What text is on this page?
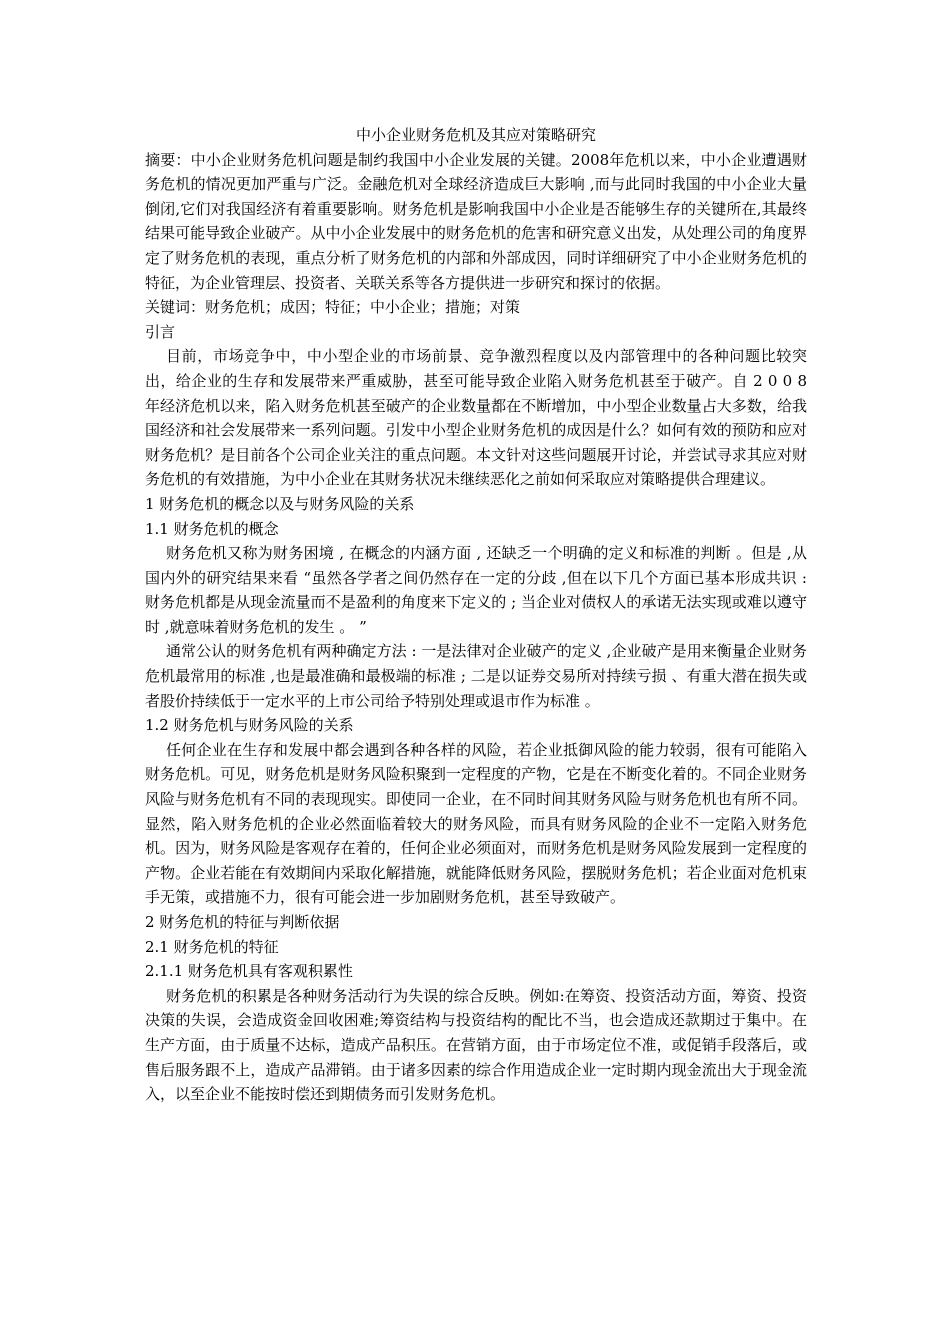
中小企业财务危机及其应对策略研究

摘要：中小企业财务危机问题是制约我国中小企业发展的关键。2008年危机以来，中小企业遭遇财务危机的情况更加严重与广泛。金融危机对全球经济造成巨大影响 ,而与此同时我国的中小企业大量倒闭,它们对我国经济有着重要影响。财务危机是影响我国中小企业是否能够生存的关键所在,其最终结果可能导致企业破产。从中小企业发展中的财务危机的危害和研究意义出发，从处理公司的角度界定了财务危机的表现，重点分析了财务危机的内部和外部成因，同时详细研究了中小企业财务危机的特征，为企业管理层、投资者、关联关系等各方提供进一步研究和探讨的依据。

关键词：财务危机；成因；特征；中小企业；措施；对策

引言

目前，市场竞争中，中小型企业的市场前景、竞争激烈程度以及内部管理中的各种问题比较突出，给企业的生存和发展带来严重威胁，甚至可能导致企业陷入财务危机甚至于破产。自 2 0 0 8 年经济危机以来，陷入财务危机甚至破产的企业数量都在不断增加，中小型企业数量占大多数，给我国经济和社会发展带来一系列问题。引发中小型企业财务危机的成因是什么？如何有效的预防和应对财务危机？是目前各个公司企业关注的重点问题。本文针对这些问题展开讨论，并尝试寻求其应对财务危机的有效措施，为中小企业在其财务状况未继续恶化之前如何采取应对策略提供合理建议。

1 财务危机的概念以及与财务风险的关系

1.1 财务危机的概念

财务危机又称为财务困境 , 在概念的内涵方面 , 还缺乏一个明确的定义和标准的判断 。但是 ,从国内外的研究结果来看 “虽然各学者之间仍然存在一定的分歧 ,但在以下几个方面已基本形成共识 : 财务危机都是从现金流量而不是盈利的角度来下定义的 ; 当企业对债权人的承诺无法实现或难以遵守时 ,就意味着财务危机的发生 。 ”

通常公认的财务危机有两种确定方法 : 一是法律对企业破产的定义 ,企业破产是用来衡量企业财务危机最常用的标准 ,也是最准确和最极端的标准 ; 二是以证券交易所对持续亏损 、有重大潜在损失或者股价持续低于一定水平的上市公司给予特别处理或退市作为标准 。

1.2 财务危机与财务风险的关系

任何企业在生存和发展中都会遇到各种各样的风险，若企业抵御风险的能力较弱，很有可能陷入财务危机。可见，财务危机是财务风险积聚到一定程度的产物，它是在不断变化着的。不同企业财务风险与财务危机有不同的表现现实。即使同一企业，在不同时间其财务风险与财务危机也有所不同。显然，陷入财务危机的企业必然面临着较大的财务风险，而具有财务风险的企业不一定陷入财务危机。因为，财务风险是客观存在着的，任何企业必须面对，而财务危机是财务风险发展到一定程度的产物。企业若能在有效期间内采取化解措施，就能降低财务风险，摆脱财务危机；若企业面对危机束手无策，或措施不力，很有可能会进一步加剧财务危机，甚至导致破产。

2 财务危机的特征与判断依据

2.1 财务危机的特征

2.1.1 财务危机具有客观积累性

财务危机的积累是各种财务活动行为失误的综合反映。例如:在筹资、投资活动方面，筹资、投资决策的失误，会造成资金回收困难;筹资结构与投资结构的配比不当，也会造成还款期过于集中。在生产方面，由于质量不达标，造成产品积压。在营销方面，由于市场定位不准，或促销手段落后，或售后服务跟不上，造成产品滞销。由于诸多因素的综合作用造成企业一定时期内现金流出大于现金流入，以至企业不能按时偿还到期债务而引发财务危机。
